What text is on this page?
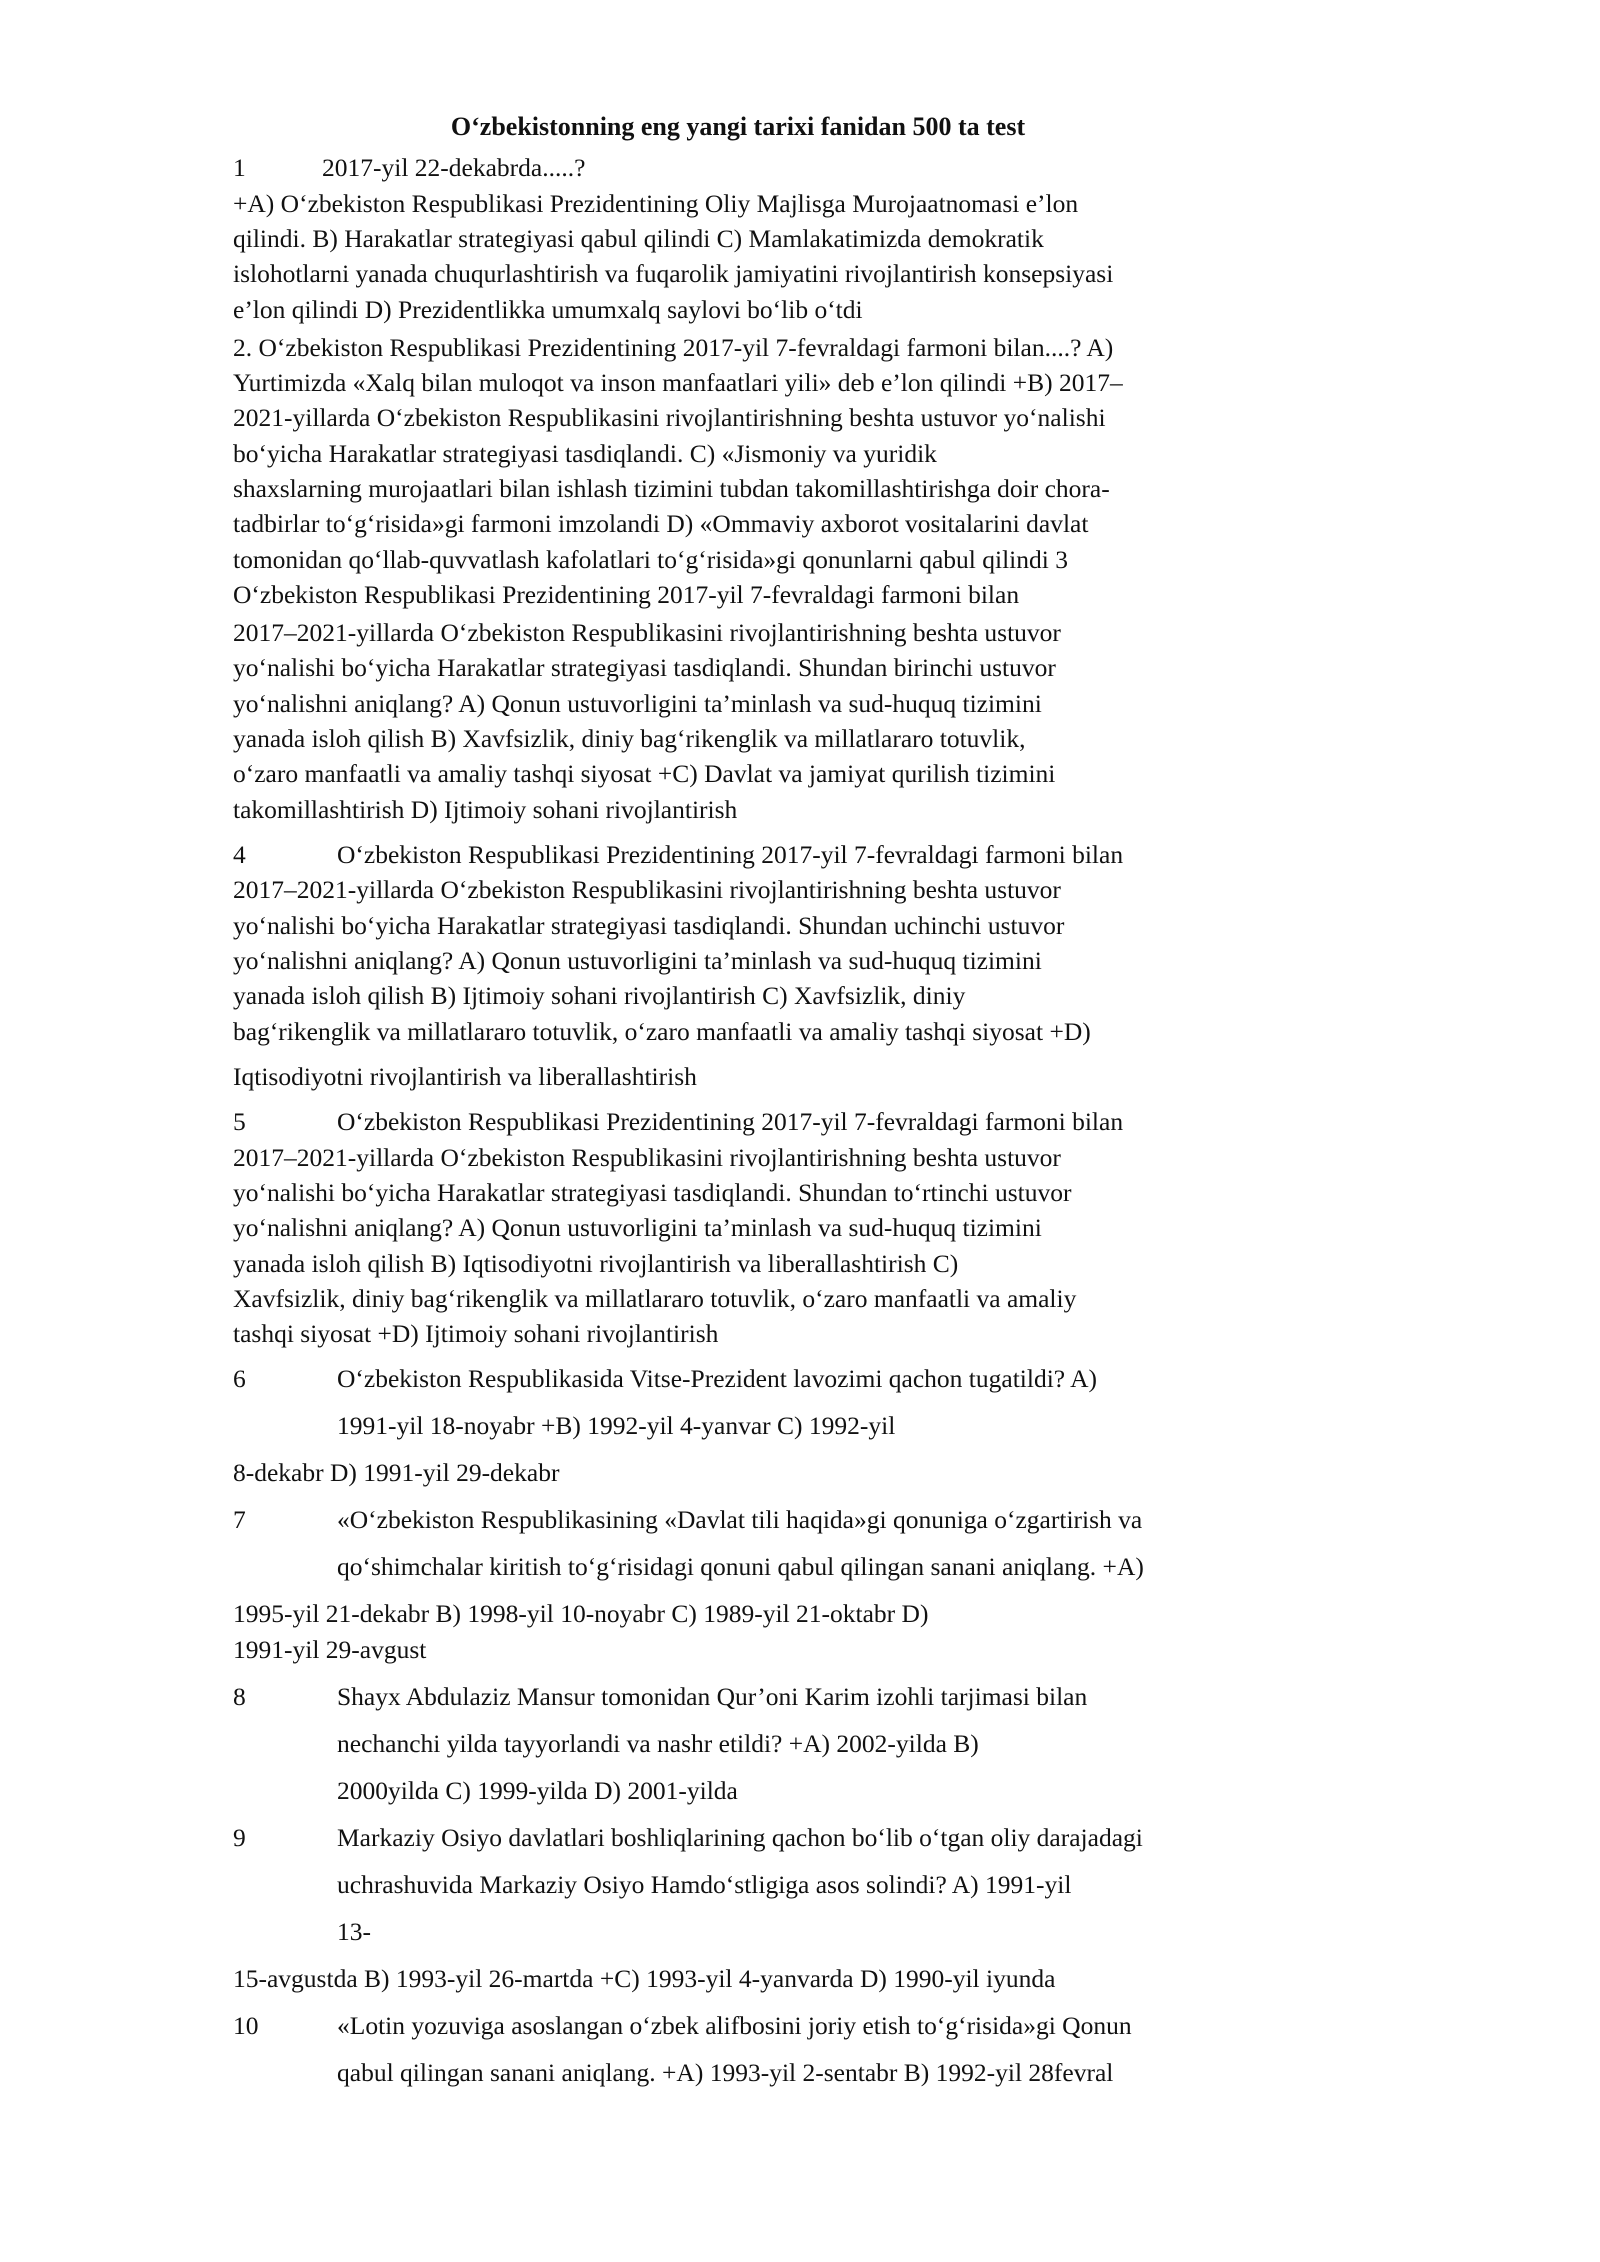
O‘zbekistonning eng yangi tarixi fanidan 500 ta test
1	2017-yil 22-dekabrda.....?
+A) O‘zbekiston Respublikasi Prezidentining Oliy Majlisga Murojaatnomasi e’lon
qilindi. B) Harakatlar strategiyasi qabul qilindi C) Mamlakatimizda demokratik
islohotlarni yanada chuqurlashtirish va fuqarolik jamiyatini rivojlantirish konsepsiyasi
e’lon qilindi D) Prezidentlikka umumxalq saylovi bo‘lib o‘tdi
2. O‘zbekiston Respublikasi Prezidentining 2017-yil 7-fevraldagi farmoni bilan....? A)
Yurtimizda «Xalq bilan muloqot va inson manfaatlari yili» deb e’lon qilindi +B) 2017–
2021-yillarda O‘zbekiston Respublikasini rivojlantirishning beshta ustuvor yo‘nalishi
bo‘yicha Harakatlar strategiyasi tasdiqlandi. C) «Jismoniy va yuridik
shaxslarning murojaatlari bilan ishlash tizimini tubdan takomillashtirishga doir chora-
tadbirlar to‘g‘risida»gi farmoni imzolandi D) «Ommaviy axborot vositalarini davlat
tomonidan qo‘llab-quvvatlash kafolatlari to‘g‘risida»gi qonunlarni qabul qilindi 3
O‘zbekiston Respublikasi Prezidentining 2017-yil 7-fevraldagi farmoni bilan
2017–2021-yillarda O‘zbekiston Respublikasini rivojlantirishning beshta ustuvor
yo‘nalishi bo‘yicha Harakatlar strategiyasi tasdiqlandi. Shundan birinchi ustuvor
yo‘nalishni aniqlang? A) Qonun ustuvorligini ta’minlash va sud-huquq tizimini
yanada isloh qilish B) Xavfsizlik, diniy bag‘rikenglik va millatlararo totuvlik,
o‘zaro manfaatli va amaliy tashqi siyosat +C) Davlat va jamiyat qurilish tizimini
takomillashtirish D) Ijtimoiy sohani rivojlantirish
4	O‘zbekiston Respublikasi Prezidentining 2017-yil 7-fevraldagi farmoni bilan
2017–2021-yillarda O‘zbekiston Respublikasini rivojlantirishning beshta ustuvor
yo‘nalishi bo‘yicha Harakatlar strategiyasi tasdiqlandi. Shundan uchinchi ustuvor
yo‘nalishni aniqlang? A) Qonun ustuvorligini ta’minlash va sud-huquq tizimini
yanada isloh qilish B) Ijtimoiy sohani rivojlantirish C) Xavfsizlik, diniy
bag‘rikenglik va millatlararo totuvlik, o‘zaro manfaatli va amaliy tashqi siyosat +D)
Iqtisodiyotni rivojlantirish va liberallashtirish
5	O‘zbekiston Respublikasi Prezidentining 2017-yil 7-fevraldagi farmoni bilan
2017–2021-yillarda O‘zbekiston Respublikasini rivojlantirishning beshta ustuvor
yo‘nalishi bo‘yicha Harakatlar strategiyasi tasdiqlandi. Shundan to‘rtinchi ustuvor
yo‘nalishni aniqlang? A) Qonun ustuvorligini ta’minlash va sud-huquq tizimini
yanada isloh qilish B) Iqtisodiyotni rivojlantirish va liberallashtirish C)
Xavfsizlik, diniy bag‘rikenglik va millatlararo totuvlik, o‘zaro manfaatli va amaliy
tashqi siyosat +D) Ijtimoiy sohani rivojlantirish
6	O‘zbekiston Respublikasida Vitse-Prezident lavozimi qachon tugatildi? A)
1991-yil 18-noyabr +B) 1992-yil 4-yanvar C) 1992-yil
8-dekabr D) 1991-yil 29-dekabr
7	«O‘zbekiston Respublikasining «Davlat tili haqida»gi qonuniga o‘zgartirish va
qo‘shimchalar kiritish to‘g‘risidagi qonuni qabul qilingan sanani aniqlang. +A)
1995-yil 21-dekabr B) 1998-yil 10-noyabr C) 1989-yil 21-oktabr D)
1991-yil 29-avgust
8	Shayx Abdulaziz Mansur tomonidan Qur’oni Karim izohli tarjimasi bilan
nechanchi yilda tayyorlandi va nashr etildi? +A) 2002-yilda B)
2000yilda C) 1999-yilda D) 2001-yilda
9	Markaziy Osiyo davlatlari boshliqlarining qachon bo‘lib o‘tgan oliy darajadagi
uchrashuvida Markaziy Osiyo Hamdo‘stligiga asos solindi? A) 1991-yil
13-
15-avgustda B) 1993-yil 26-martda +C) 1993-yil 4-yanvarda D) 1990-yil iyunda
10	«Lotin yozuviga asoslangan o‘zbek alifbosini joriy etish to‘g‘risida»gi Qonun
qabul qilingan sanani aniqlang. +A) 1993-yil 2-sentabr B) 1992-yil 28fevral
